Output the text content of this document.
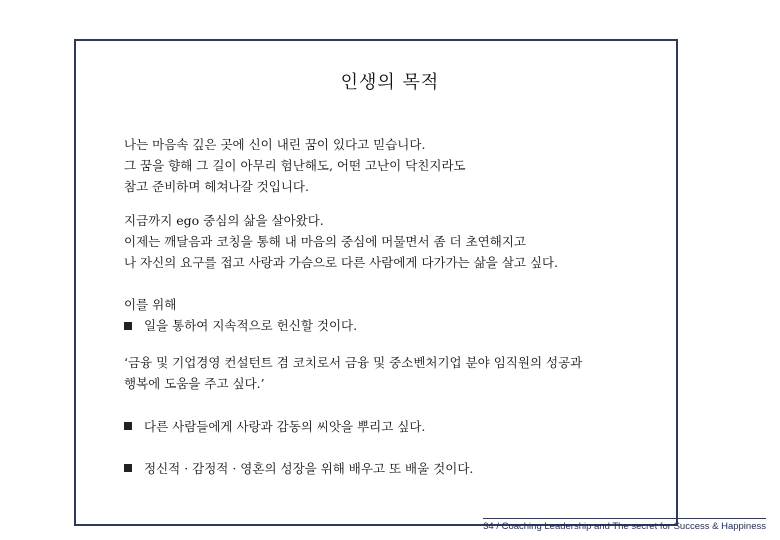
인생의 목적
나는 마음속 깊은 곳에 신이 내린 꿈이 있다고 믿습니다.
그 꿈을 향해 그 길이 아무리 험난해도, 어떤 고난이 닥친지라도
참고 준비하며 헤쳐나갈 것입니다.
지금까지 ego 중심의 삶을 살아왔다.
이제는 깨달음과 코칭을 통해 내 마음의 중심에 머물면서 좀 더 초연해지고
나 자신의 요구를 접고 사랑과 가슴으로 다른 사람에게 다가가는 삶을 살고 싶다.
이를 위해
일을 통하여 지속적으로 헌신할 것이다.
‘금융 및 기업경영 컨설턴트 겸 코치로서 금융 및 중소벤처기업 분야 임직원의 성공과
행복에 도움을 주고 싶다.’
다른 사람들에게 사랑과 감동의 씨앗을 뿌리고 싶다.
정신적 · 감정적 · 영혼의 성장을 위해 배우고 또 배울 것이다.
34 / Coaching Leadership and The secret for Success & Happiness
